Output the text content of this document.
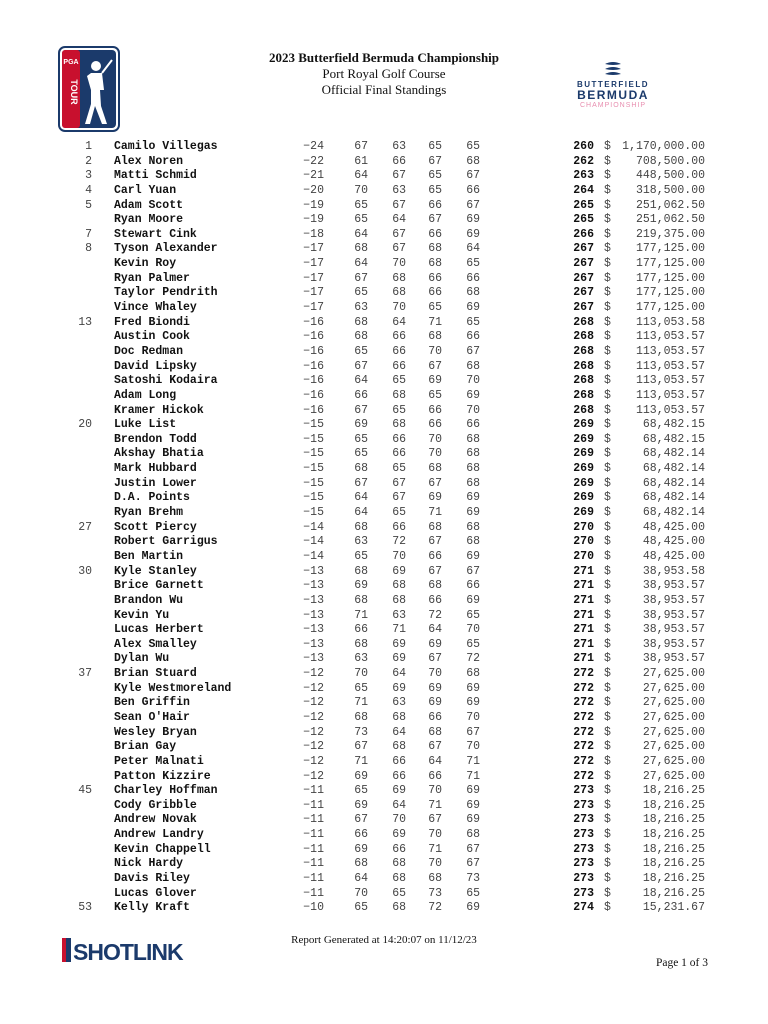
PGA
TOUR
2023 Butterfield Bermuda Championship
Port Royal Golf Course
Official Final Standings	BUTTERFIELD
BERMUDA
CHAMPIONSHIP
1 Camilo Villegas	−24	67	63	65	65	260 $ 1,170,000.00
2 Alex Noren	−22	61	66	67	68	262 $	708,500.00
3 Matti Schmid	−21	64	67	65	67	263 $	448,500.00
4 Carl Yuan	−20	70	63	65	66	264 $	318,500.00
5 Adam Scott	−19	65	67	66	67	265 $	251,062.50
Ryan Moore	−19	65	64	67	69	265 $	251,062.50
7 Stewart Cink	−18	64	67	66	69	266 $	219,375.00
8 Tyson Alexander	−17	68	67	68	64	267 $	177,125.00
Kevin Roy	−17	64	70	68	65	267 $	177,125.00
Ryan Palmer	−17	67	68	66	66	267 $	177,125.00
Taylor Pendrith	−17	65	68	66	68	267 $	177,125.00
Vince Whaley	−17	63	70	65	69	267 $	177,125.00
13 Fred Biondi	−16	68	64	71	65	268 $	113,053.58
Austin Cook	−16	68	66	68	66	268 $	113,053.57
Doc Redman	−16	65	66	70	67	268 $	113,053.57
David Lipsky	−16	67	66	67	68	268 $	113,053.57
Satoshi Kodaira	−16	64	65	69	70	268 $	113,053.57
Adam Long	−16	66	68	65	69	268 $	113,053.57
Kramer Hickok	−16	67	65	66	70	268 $	113,053.57
20 Luke List	−15	69	68	66	66	269 $	68,482.15
Brendon Todd	−15	65	66	70	68	269 $	68,482.15
Akshay Bhatia	−15	65	66	70	68	269 $	68,482.14
Mark Hubbard	−15	68	65	68	68	269 $	68,482.14
Justin Lower	−15	67	67	67	68	269 $	68,482.14
D.A. Points	−15	64	67	69	69	269 $	68,482.14
Ryan Brehm	−15	64	65	71	69	269 $	68,482.14
27 Scott Piercy	−14	68	66	68	68	270 $	48,425.00
Robert Garrigus	−14	63	72	67	68	270 $	48,425.00
Ben Martin	−14	65	70	66	69	270 $	48,425.00
30 Kyle Stanley	−13	68	69	67	67	271 $	38,953.58
Brice Garnett	−13	69	68	68	66	271 $	38,953.57
Brandon Wu	−13	68	68	66	69	271 $	38,953.57
Kevin Yu	−13	71	63	72	65	271 $	38,953.57
Lucas Herbert	−13	66	71	64	70	271 $	38,953.57
Alex Smalley	−13	68	69	69	65	271 $	38,953.57
Dylan Wu	−13	63	69	67	72	271 $	38,953.57
37 Brian Stuard	−12	70	64	70	68	272 $	27,625.00
Kyle Westmoreland	−12	65	69	69	69	272 $	27,625.00
Ben Griffin	−12	71	63	69	69	272 $	27,625.00
Sean O'Hair	−12	68	68	66	70	272 $	27,625.00
Wesley Bryan	−12	73	64	68	67	272 $	27,625.00
Brian Gay	−12	67	68	67	70	272 $	27,625.00
Peter Malnati	−12	71	66	64	71	272 $	27,625.00
Patton Kizzire	−12	69	66	66	71	272 $	27,625.00
45 Charley Hoffman	−11	65	69	70	69	273 $	18,216.25
Cody Gribble	−11	69	64	71	69	273 $	18,216.25
Andrew Novak	−11	67	70	67	69	273 $	18,216.25
Andrew Landry	−11	66	69	70	68	273 $	18,216.25
Kevin Chappell	−11	69	66	71	67	273 $	18,216.25
Nick Hardy	−11	68	68	70	67	273 $	18,216.25
Davis Riley	−11	64	68	68	73	273 $	18,216.25
Lucas Glover	−11	70	65	73	65	273 $	18,216.25
53 Kelly Kraft	−10	65	68	72	69	274 $	15,231.67
SHOTLINK	Report Generated at 14:20:07 on 11/12/23
Page 1 of 3
